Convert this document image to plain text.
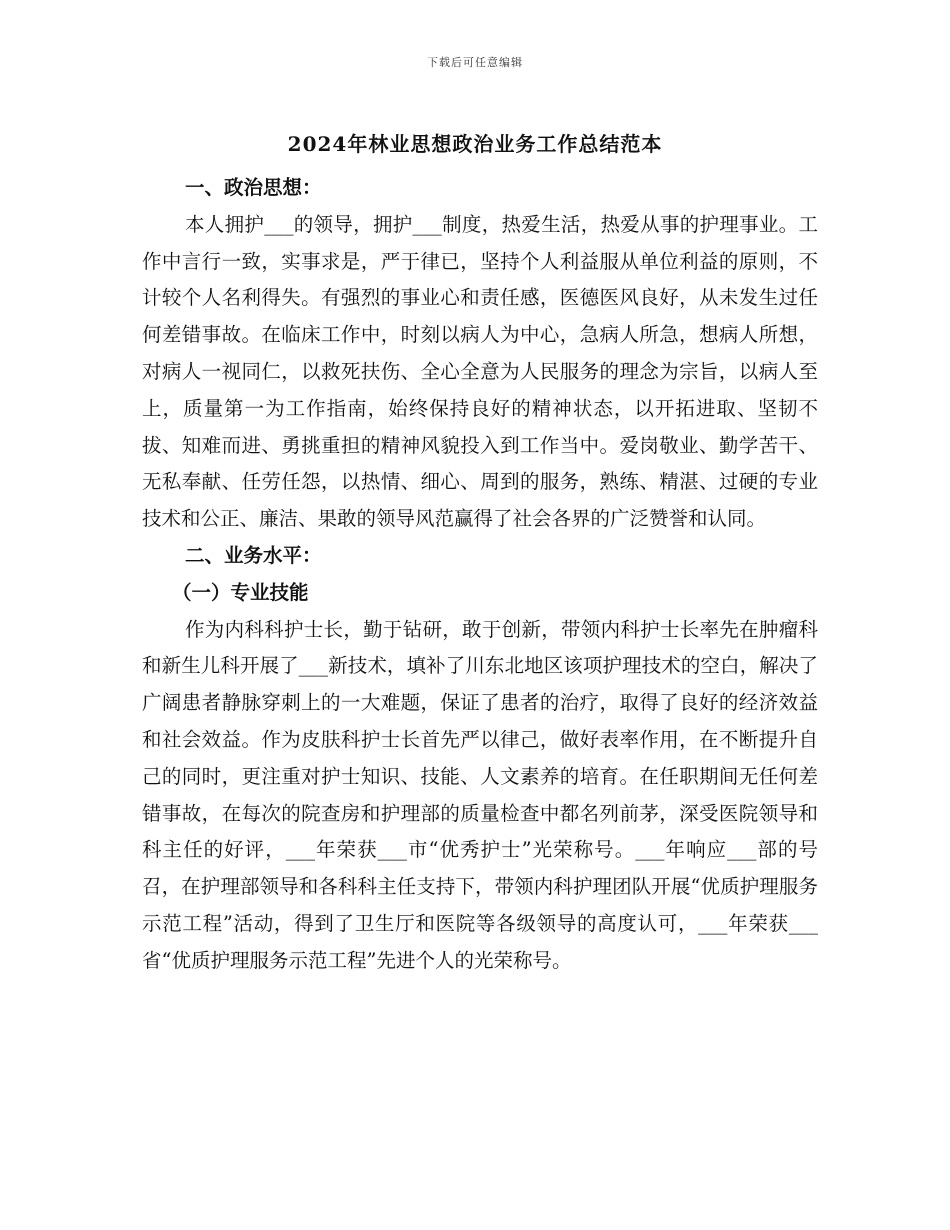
下载后可任意编辑
2024年林业思想政治业务工作总结范本
一、政治思想：

本人拥护___的领导，拥护___制度，热爱生活，热爱从事的护理事业。工作中言行一致，实事求是，严于律已，坚持个人利益服从单位利益的原则，不计较个人名利得失。有强烈的事业心和责任感，医德医风良好，从未发生过任何差错事故。在临床工作中，时刻以病人为中心，急病人所急，想病人所想，对病人一视同仁，以救死扶伤、全心全意为人民服务的理念为宗旨，以病人至上，质量第一为工作指南，始终保持良好的精神状态，以开拓进取、坚韧不拔、知难而进、勇挑重担的精神风貌投入到工作当中。爱岗敬业、勤学苦干、无私奉献、任劳任怨，以热情、细心、周到的服务，熟练、精湛、过硬的专业技术和公正、廉洁、果敢的领导风范赢得了社会各界的广泛赞誉和认同。

二、业务水平：
（一）专业技能

作为内科科护士长，勤于钻研，敢于创新，带领内科护士长率先在肿瘤科和新生儿科开展了___新技术，填补了川东北地区该项护理技术的空白，解决了广阔患者静脉穿刺上的一大难题，保证了患者的治疗，取得了良好的经济效益和社会效益。作为皮肤科护士长首先严以律己，做好表率作用，在不断提升自己的同时，更注重对护士知识、技能、人文素养的培育。在任职期间无任何差错事故，在每次的院查房和护理部的质量检查中都名列前茅，深受医院领导和科主任的好评，___年荣获___市“优秀护士”光荣称号。___年响应___部的号召，在护理部领导和各科科主任支持下，带领内科护理团队开展“优质护理服务示范工程”活动，得到了卫生厅和医院等各级领导的高度认可，___年荣获___省“优质护理服务示范工程”先进个人的光荣称号。
